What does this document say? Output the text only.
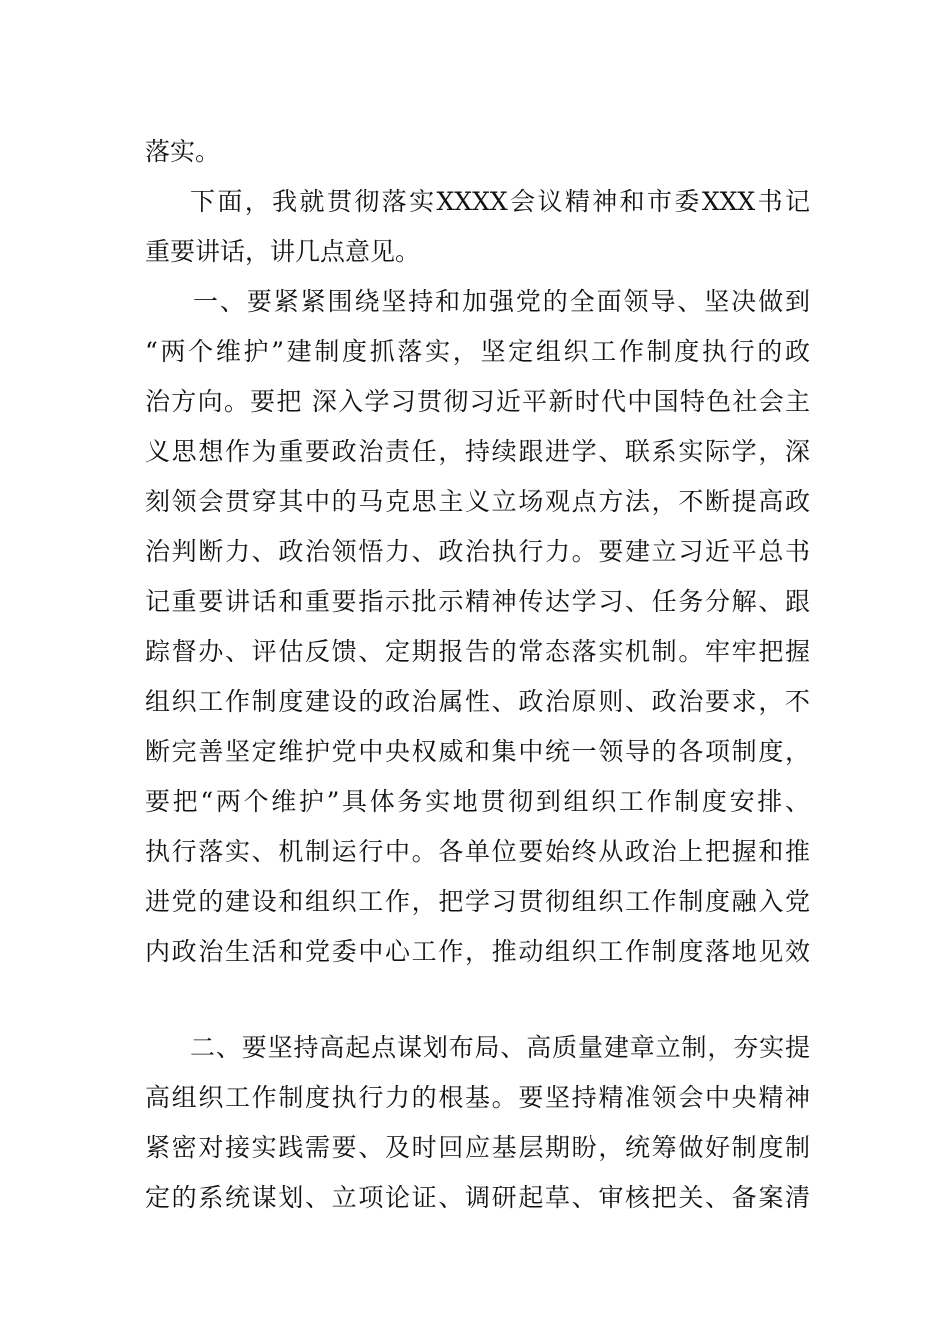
落实。
下面，我就贯彻落实XXXX会议精神和市委XXX书记
重要讲话，讲几点意见。
一、要紧紧围绕坚持和加强党的全面领导、坚决做到
“两个维护”建制度抓落实，坚定组织工作制度执行的政
治方向。要把 深入学习贯彻习近平新时代中国特色社会主
义思想作为重要政治责任，持续跟进学、联系实际学，深
刻领会贯穿其中的马克思主义立场观点方法，不断提高政
治判断力、政治领悟力、政治执行力。要建立习近平总书
记重要讲话和重要指示批示精神传达学习、任务分解、跟
踪督办、评估反馈、定期报告的常态落实机制。牢牢把握
组织工作制度建设的政治属性、政治原则、政治要求，不
断完善坚定维护党中央权威和集中统一领导的各项制度，
要把“两个维护”具体务实地贯彻到组织工作制度安排、
执行落实、机制运行中。各单位要始终从政治上把握和推
进党的建设和组织工作，把学习贯彻组织工作制度融入党
内政治生活和党委中心工作，推动组织工作制度落地见效
二、要坚持高起点谋划布局、高质量建章立制，夯实提
高组织工作制度执行力的根基。要坚持精准领会中央精神
紧密对接实践需要、及时回应基层期盼，统筹做好制度制
定的系统谋划、立项论证、调研起草、审核把关、备案清
